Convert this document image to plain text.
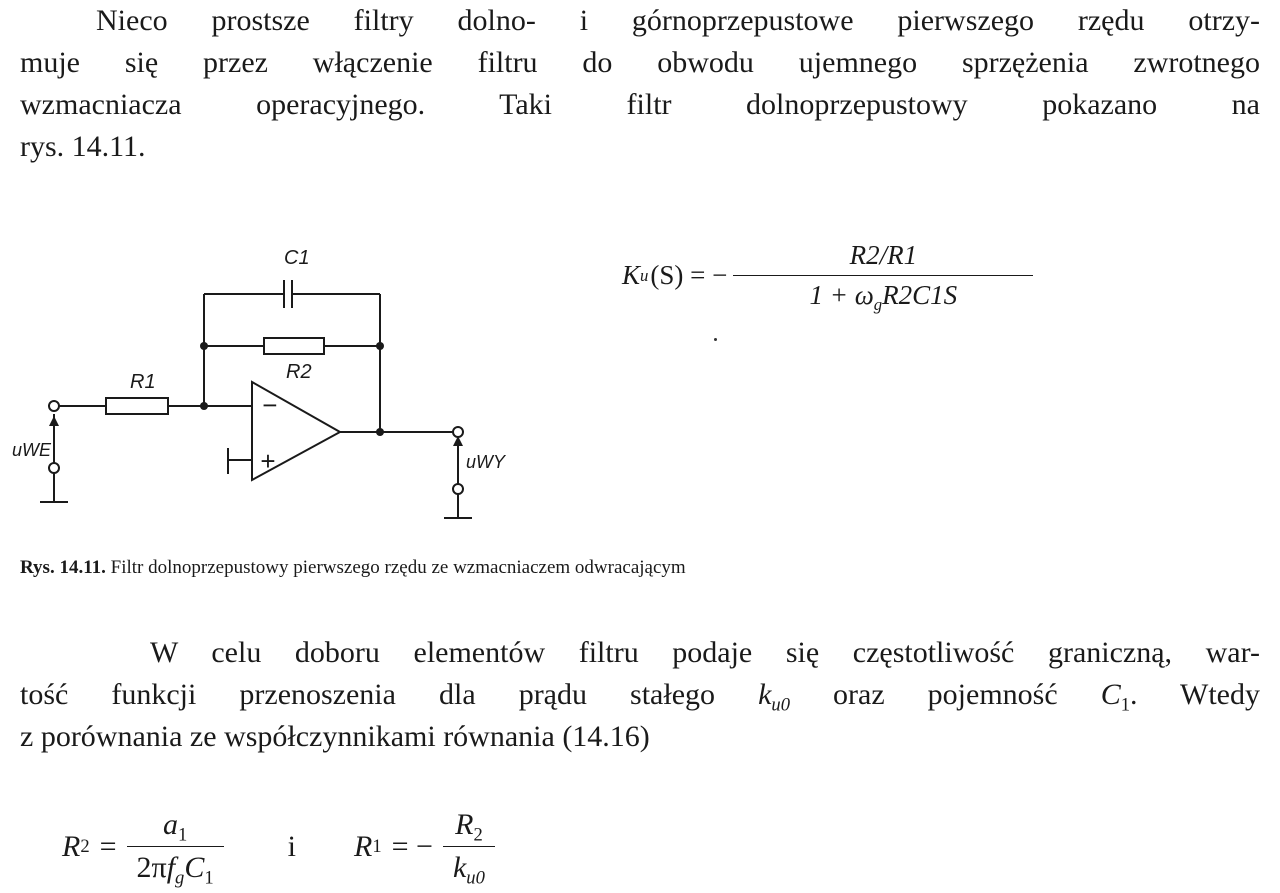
Nieco prostsze filtry dolno- i górnoprzepustowe pierwszego rzędu otrzy-
muje się przez włączenie filtru do obwodu ujemnego sprzężenia zwrotnego
wzmacniacza operacyjnego. Taki filtr dolnoprzepustowy pokazano na
rys. 14.11.
C1
R1	R2
uWE
uWY
−
+
K u (S) = − $\frac{R2/R1}{1 + \omega_gR2C1S}$
Rys. 14.11. Filtr dolnoprzepustowy pierwszego rzędu ze wzmacniaczem odwracającym
W celu doboru elementów filtru podaje się częstotliwość graniczną, war-
tość funkcji przenoszenia dla prądu stałego $k_{u0}$ oraz pojemność $C_1$. Wtedy
z porównania ze współczynnikami równania (14.16)
R $2 = \frac{a_1}{2\pi f_gC_1}$ i R 1 = − $\frac{R_2}{k_{u0}}$
